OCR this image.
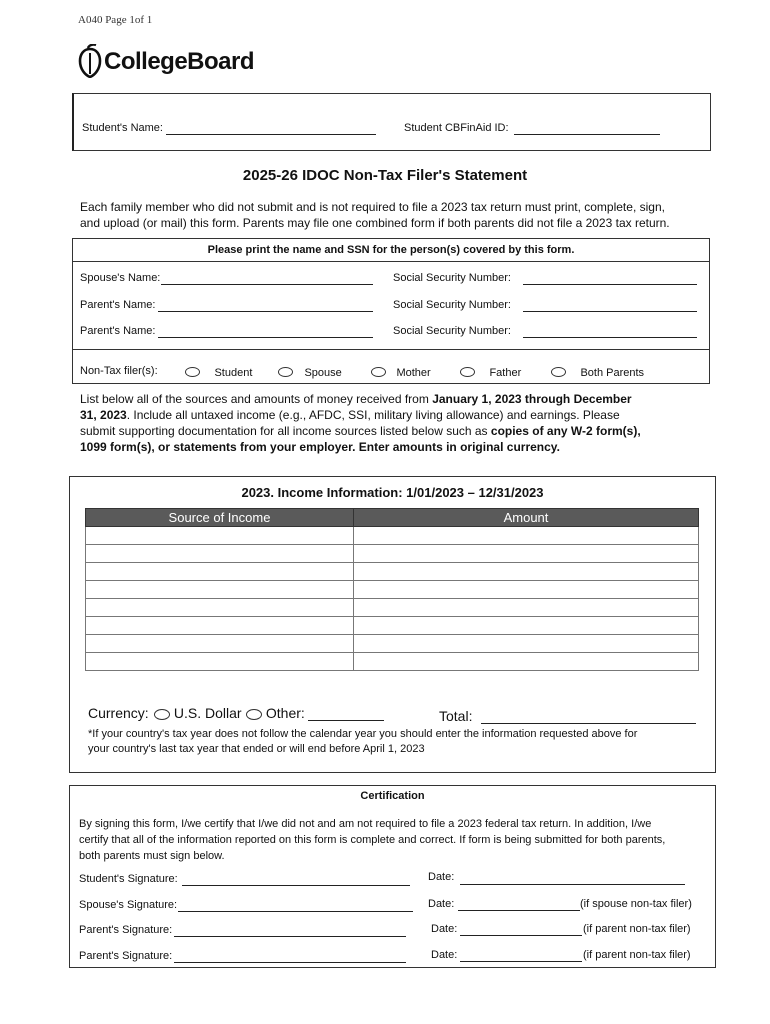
A040 Page 1of 1
CollegeBoard
Student's Name:	Student CBFinAid ID:
2025-26 IDOC Non-Tax Filer's Statement
Each family member who did not submit and is not required to file a 2023 tax return must print, complete, sign,
and upload (or mail) this form. Parents may file one combined form if both parents did not file a 2023 tax return.
Please print the name and SSN for the person(s) covered by this form.
Spouse's Name:	Social Security Number:
Parent's Name:	Social Security Number:
Parent's Name:	Social Security Number:
Non-Tax filer(s):	Student	Spouse	Mother	Father	Both Parents
List below all of the sources and amounts of money received from January 1, 2023 through December
31, 2023. Include all untaxed income (e.g., AFDC, SSI, military living allowance) and earnings. Please
submit supporting documentation for all income sources listed below such as copies of any W-2 form(s),
1099 form(s), or statements from your employer. Enter amounts in original currency.
2023. Income Information: 1/01/2023 – 12/31/2023
Source of Income	Amount

Currency:	U.S. Dollar	Other:	Total:
*If your country's tax year does not follow the calendar year you should enter the information requested above for
your country's last tax year that ended or will end before April 1, 2023
Certification
By signing this form, I/we certify that I/we did not and am not required to file a 2023 federal tax return. In addition, I/we
certify that all of the information reported on this form is complete and correct. If form is being submitted for both parents,
both parents must sign below.
Student's Signature:	Date:
Spouse's Signature:	Date:	(if spouse non-tax filer)
Parent's Signature:	Date:	(if parent non-tax filer)
Parent's Signature:	Date:	(if parent non-tax filer)
